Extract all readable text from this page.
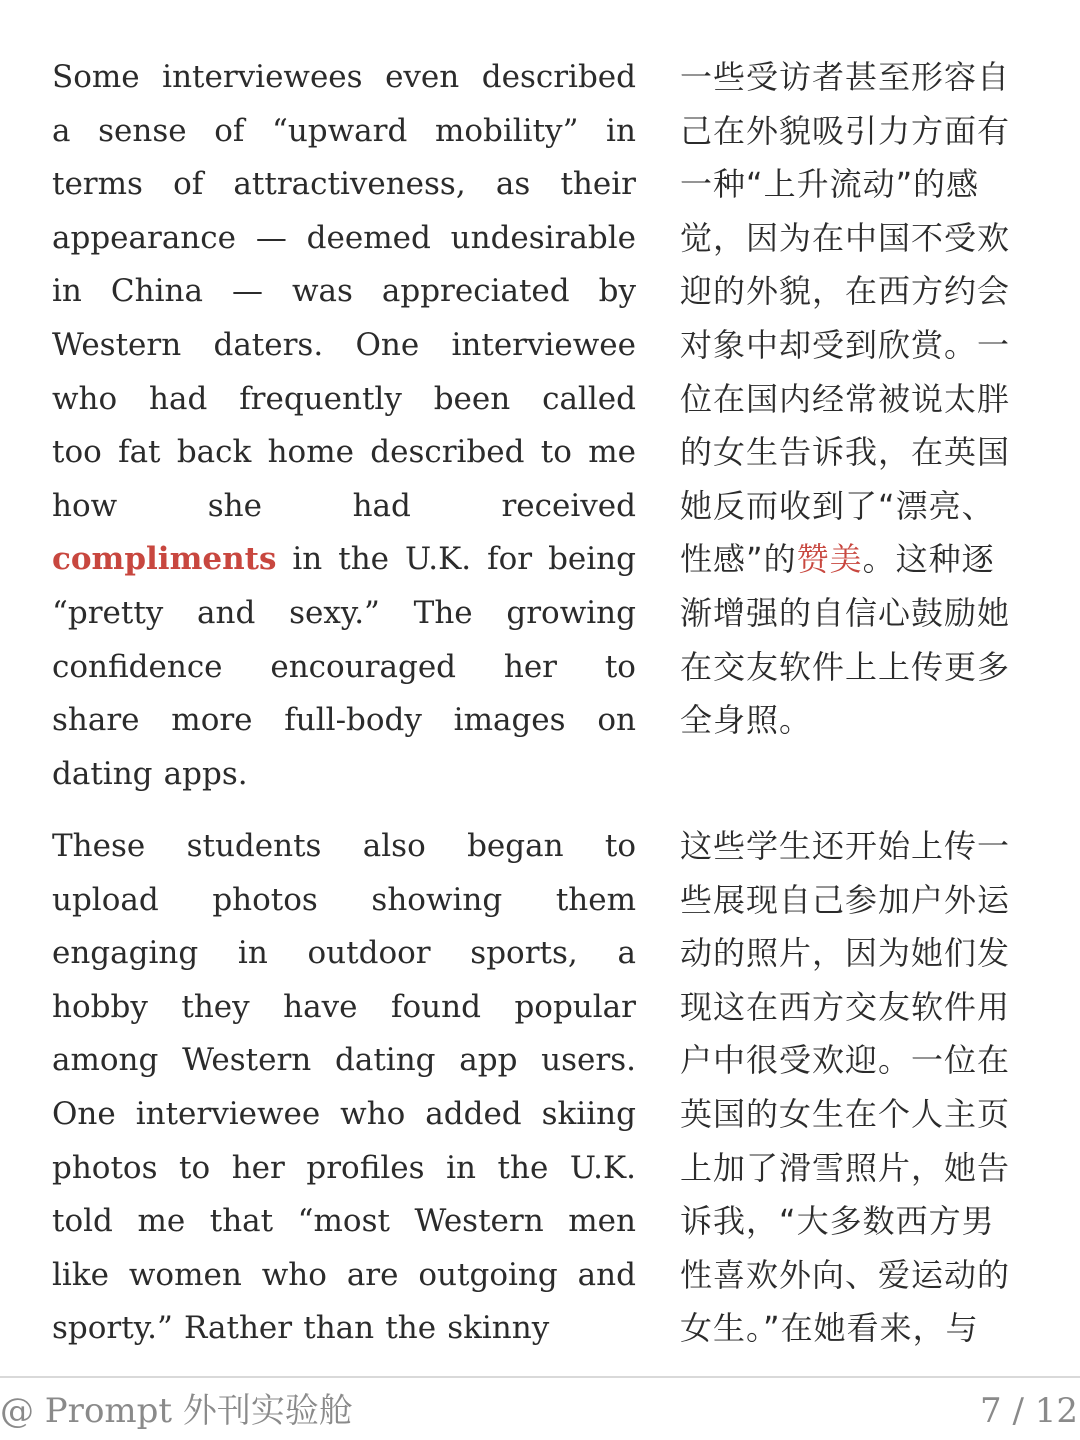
Some interviewees even described
a sense of “upward mobility” in
terms of attractiveness, as their
appearance — deemed undesirable
in China — was appreciated by
Western daters. One interviewee
who had frequently been called
too fat back home described to me
how	she	had	received
compliments in the U.K. for being
“pretty and sexy.” The growing
confidence encouraged her to
share more full-body images on
dating apps.
一些受访者甚至形容自
己在外貌吸引力方面有
一种“上升流动”的感
觉，因为在中国不受欢
迎的外貌，在西方约会
对象中却受到欣赏。一
位在国内经常被说太胖
的女生告诉我，在英国
她反而收到了“漂亮、
性感”的赞美。这种逐
渐增强的自信心鼓励她
在交友软件上上传更多
全身照。
These students also began to
upload photos showing them
engaging in outdoor sports, a
hobby they have found popular
among Western dating app users.
One interviewee who added skiing
photos to her profiles in the U.K.
told me that “most Western men
like women who are outgoing and
sporty.” Rather than the skinny
这些学生还开始上传一
些展现自己参加户外运
动的照片，因为她们发
现这在西方交友软件用
户中很受欢迎。一位在
英国的女生在个人主页
上加了滑雪照片，她告
诉我，“大多数西方男
性喜欢外向、爱运动的
女生。”在她看来，与
@ Prompt 外刊实验舱	7 / 12
